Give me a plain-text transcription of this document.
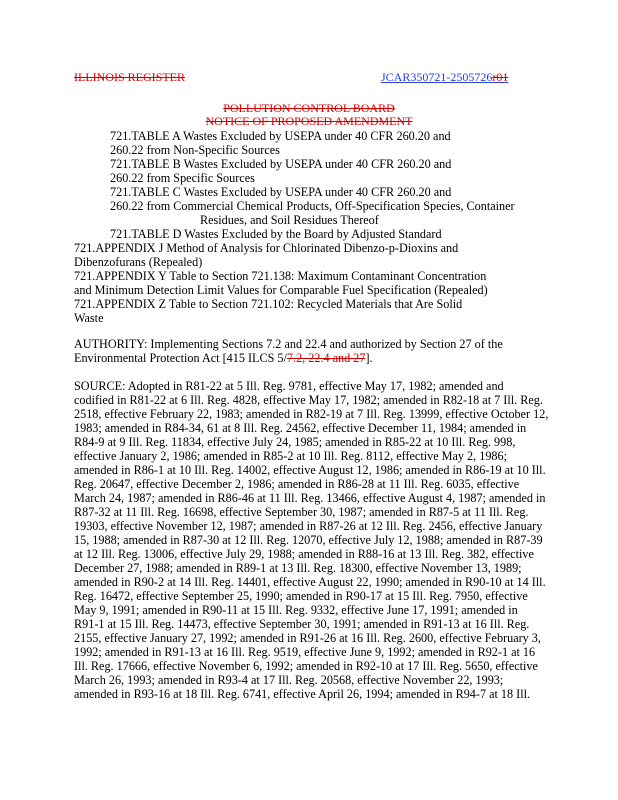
ILLINOIS REGISTER	JCAR350721-2505726r01
POLLUTION CONTROL BOARD
NOTICE OF PROPOSED AMENDMENT

721.TABLE A Wastes Excluded by USEPA under 40 CFR 260.20 and

260.22 from Non-Specific Sources

721.TABLE B Wastes Excluded by USEPA under 40 CFR 260.20 and

260.22 from Specific Sources

721.TABLE C Wastes Excluded by USEPA under 40 CFR 260.20 and

260.22 from Commercial Chemical Products, Off-Specification Species, Container

Residues, and Soil Residues Thereof

721.TABLE D Wastes Excluded by the Board by Adjusted Standard

721.APPENDIX J Method of Analysis for Chlorinated Dibenzo-p-Dioxins and

Dibenzofurans (Repealed)

721.APPENDIX Y Table to Section 721.138: Maximum Contaminant Concentration

and Minimum Detection Limit Values for Comparable Fuel Specification (Repealed)

721.APPENDIX Z Table to Section 721.102: Recycled Materials that Are Solid

Waste

AUTHORITY: Implementing Sections 7.2 and 22.4 and authorized by Section 27 of the

Environmental Protection Act [415 ILCS 5/7.2, 22.4 and 27].

SOURCE: Adopted in R81-22 at 5 Ill. Reg. 9781, effective May 17, 1982; amended and

codified in R81-22 at 6 Ill. Reg. 4828, effective May 17, 1982; amended in R82-18 at 7 Ill. Reg.

2518, effective February 22, 1983; amended in R82-19 at 7 Ill. Reg. 13999, effective October 12,

1983; amended in R84-34, 61 at 8 Ill. Reg. 24562, effective December 11, 1984; amended in

R84-9 at 9 Ill. Reg. 11834, effective July 24, 1985; amended in R85-22 at 10 Ill. Reg. 998,

effective January 2, 1986; amended in R85-2 at 10 Ill. Reg. 8112, effective May 2, 1986;

amended in R86-1 at 10 Ill. Reg. 14002, effective August 12, 1986; amended in R86-19 at 10 Ill.

Reg. 20647, effective December 2, 1986; amended in R86-28 at 11 Ill. Reg. 6035, effective

March 24, 1987; amended in R86-46 at 11 Ill. Reg. 13466, effective August 4, 1987; amended in

R87-32 at 11 Ill. Reg. 16698, effective September 30, 1987; amended in R87-5 at 11 Ill. Reg.

19303, effective November 12, 1987; amended in R87-26 at 12 Ill. Reg. 2456, effective January

15, 1988; amended in R87-30 at 12 Ill. Reg. 12070, effective July 12, 1988; amended in R87-39

at 12 Ill. Reg. 13006, effective July 29, 1988; amended in R88-16 at 13 Ill. Reg. 382, effective

December 27, 1988; amended in R89-1 at 13 Ill. Reg. 18300, effective November 13, 1989;

amended in R90-2 at 14 Ill. Reg. 14401, effective August 22, 1990; amended in R90-10 at 14 Ill.

Reg. 16472, effective September 25, 1990; amended in R90-17 at 15 Ill. Reg. 7950, effective

May 9, 1991; amended in R90-11 at 15 Ill. Reg. 9332, effective June 17, 1991; amended in

R91-1 at 15 Ill. Reg. 14473, effective September 30, 1991; amended in R91-13 at 16 Ill. Reg.

2155, effective January 27, 1992; amended in R91-26 at 16 Ill. Reg. 2600, effective February 3,

1992; amended in R91-13 at 16 Ill. Reg. 9519, effective June 9, 1992; amended in R92-1 at 16

Ill. Reg. 17666, effective November 6, 1992; amended in R92-10 at 17 Ill. Reg. 5650, effective

March 26, 1993; amended in R93-4 at 17 Ill. Reg. 20568, effective November 22, 1993;

amended in R93-16 at 18 Ill. Reg. 6741, effective April 26, 1994; amended in R94-7 at 18 Ill.
